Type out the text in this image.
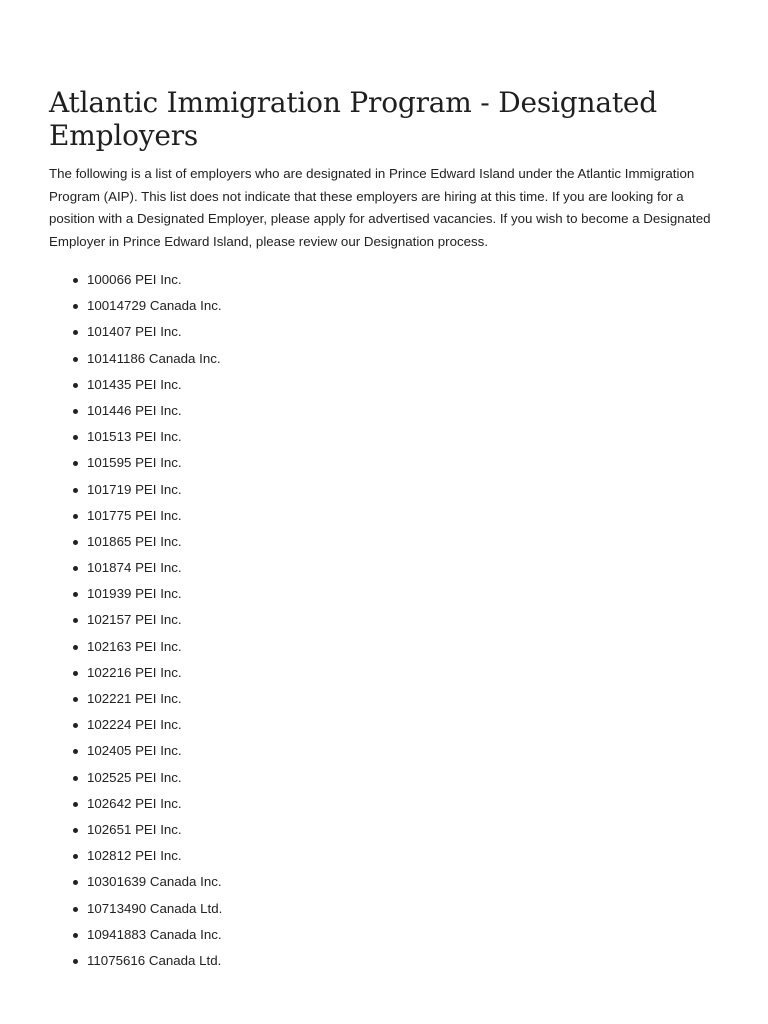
Atlantic Immigration Program - Designated Employers

The following is a list of employers who are designated in Prince Edward Island under the Atlantic Immigration Program (AIP). This list does not indicate that these employers are hiring at this time. If you are looking for a position with a Designated Employer, please apply for advertised vacancies. If you wish to become a Designated Employer in Prince Edward Island, please review our Designation process.

100066 PEI Inc.
10014729 Canada Inc.
101407 PEI Inc.
10141186 Canada Inc.
101435 PEI Inc.
101446 PEI Inc.
101513 PEI Inc.
101595 PEI Inc.
101719 PEI Inc.
101775 PEI Inc.
101865 PEI Inc.
101874 PEI Inc.
101939 PEI Inc.
102157 PEI Inc.
102163 PEI Inc.
102216 PEI Inc.
102221 PEI Inc.
102224 PEI Inc.
102405 PEI Inc.
102525 PEI Inc.
102642 PEI Inc.
102651 PEI Inc.
102812 PEI Inc.
10301639 Canada Inc.
10713490 Canada Ltd.
10941883 Canada Inc.
11075616 Canada Ltd.
